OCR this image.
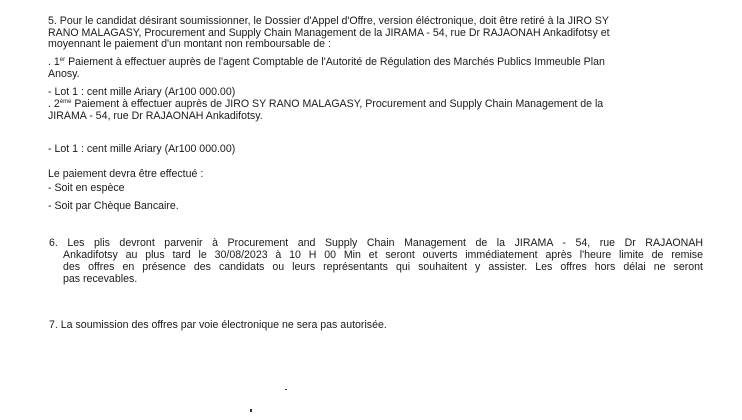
5. Pour le candidat désirant soumissionner, le Dossier d'Appel d'Offre, version éléctronique, doit être retiré à la JIRO SY
RANO MALAGASY, Procurement and Supply Chain Management de la JIRAMA - 54, rue Dr RAJAONAH Ankadifotsy et
moyennant le paiement d'un montant non remboursable de :
. 1er Paiement à effectuer auprès de l'agent Comptable de l'Autorité de Régulation des Marchés Publics Immeuble Plan
Anosy.
- Lot 1 : cent mille Ariary (Ar100 000.00)
. 2ème Paiement à effectuer auprès de JIRO SY RANO MALAGASY, Procurement and Supply Chain Management de la
JIRAMA - 54, rue Dr RAJAONAH Ankadifotsy.
- Lot 1 : cent mille Ariary (Ar100 000.00)
Le paiement devra être effectué :
- Soit en espèce
- Soit par Chèque Bancaire.
6. Les plis devront parvenir à Procurement and Supply Chain Management de la JIRAMA - 54, rue Dr RAJAONAH
Ankadifotsy au plus tard le 30/08/2023 à 10 H 00 Min et seront ouverts immédiatement après l'heure limite de remise
des offres en présence des candidats ou leurs représentants qui souhaitent y assister. Les offres hors délai ne seront
pas recevables.
7. La soumission des offres par voie électronique ne sera pas autorisée.
